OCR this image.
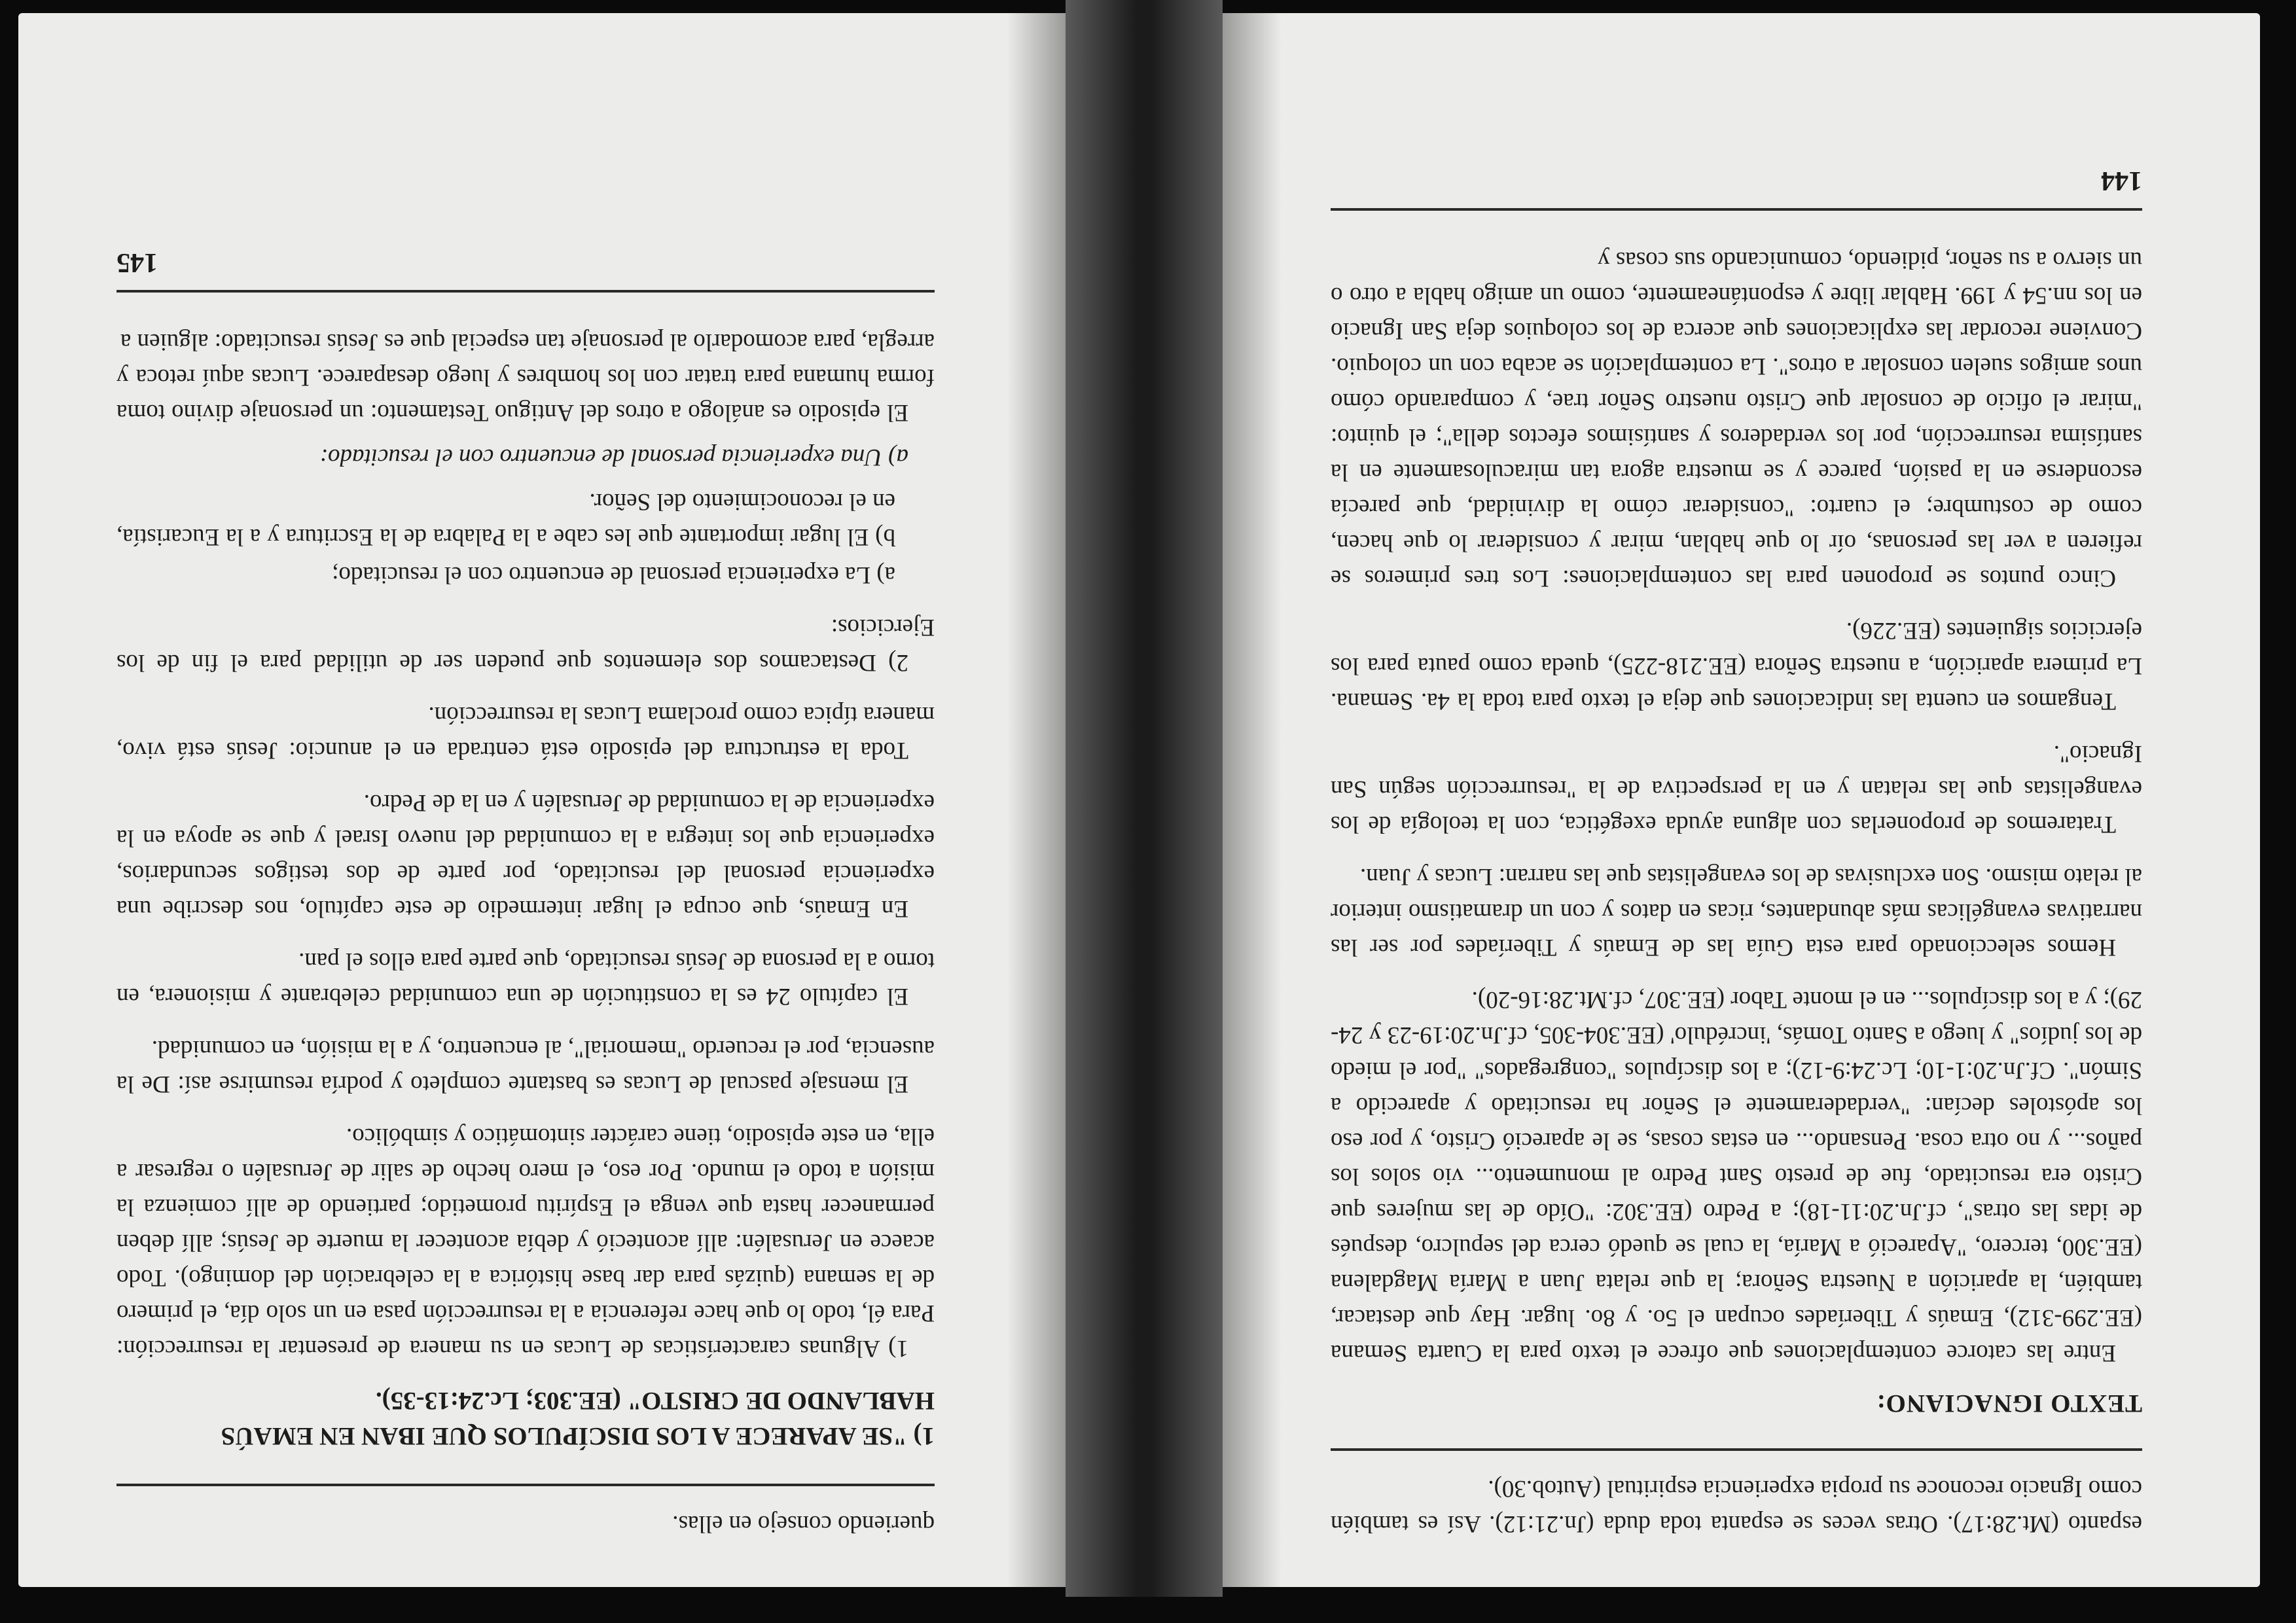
espanto (Mt.28:17). Otras veces se espanta toda duda (Jn.21:12). Así es también como Ignacio reconoce su propia experiencia espiritual (Autob.30).

TEXTO IGNACIANO:

Entre las catorce contemplaciones que ofrece el texto para la Cuarta Semana (EE.299-312), Emaús y Tiberíades ocupan el 5o. y 8o. lugar. Hay que destacar, también, la aparición a Nuestra Señora; la que relata Juan a María Magdalena (EE.300, tercero, "Apareció a María, la cual se quedó cerca del sepulcro, después de idas las otras", cf.Jn.20:11-18); a Pedro (EE.302: "Oído de las mujeres que Cristo era resucitado, fue de presto Sant Pedro al monumento... vio solos los paños... y no otra cosa. Pensando... en estas cosas, se le apareció Cristo, y por eso los apóstoles decían: "verdaderamente el Señor ha resucitado y aparecido a Simón". Cf.Jn.20:1-10; Lc.24:9-12); a los discípulos "congregados" "por el miedo de los judíos" y luego a Santo Tomás, 'incrédulo' (EE.304-305, cf.Jn.20:19-23 y 24-29); y a los discípulos... en el monte Tabor (EE.307, cf.Mt.28:16-20).

Hemos seleccionado para esta Guía las de Emaús y Tiberíades por ser las narrativas evangélicas más abundantes, ricas en datos y con un dramatismo interior al relato mismo. Son exclusivas de los evangelistas que las narran: Lucas y Juan.

Trataremos de proponerlas con alguna ayuda exegética, con la teología de los evangelistas que las relatan y en la perspectiva de la "resurrección según San Ignacio".

Tengamos en cuenta las indicaciones que deja el texto para toda la 4a. Semana. La primera aparición, a nuestra Señora (EE.218-225), queda como pauta para los ejercicios siguientes (EE.226).

Cinco puntos se proponen para las contemplaciones: Los tres primeros se refieren a ver las personas, oír lo que hablan, mirar y considerar lo que hacen, como de costumbre; el cuarto: "considerar cómo la divinidad, que parecía esconderse en la pasión, parece y se muestra agora tan miraculosamente en la santísima resurrección, por los verdaderos y santísimos efectos della"; el quinto: "mirar el oficio de consolar que Cristo nuestro Señor trae, y comparando cómo unos amigos suelen consolar a otros". La contemplación se acaba con un coloquio. Conviene recordar las explicaciones que acerca de los coloquios deja San Ignacio en los nn.54 y 199. Hablar libre y espontáneamente, como un amigo habla a otro o un siervo a su señor, pidiendo, comunicando sus cosas y

144

queriendo consejo en ellas.

1) "SE APARECE A LOS DISCÍPULOS QUE IBAN EN EMAÚS HABLANDO DE CRISTO" (EE.303; Lc.24:13-35).

1) Algunas características de Lucas en su manera de presentar la resurrección: Para él, todo lo que hace referencia a la resurrección pasa en un solo día, el primero de la semana (quizás para dar base histórica a la celebración del domingo). Todo acaece en Jerusalén: allí aconteció y debía acontecer la muerte de Jesús; allí deben permanecer hasta que venga el Espíritu prometido; partiendo de allí comienza la misión a todo el mundo. Por eso, el mero hecho de salir de Jerusalén o regresar a ella, en este episodio, tiene carácter sintomático y simbólico.

El mensaje pascual de Lucas es bastante completo y podría resumirse así: De la ausencia, por el recuerdo "memorial", al encuentro, y a la misión, en comunidad.

El capítulo 24 es la constitución de una comunidad celebrante y misionera, en torno a la persona de Jesús resucitado, que parte para ellos el pan.

En Emaús, que ocupa el lugar intermedio de este capítulo, nos describe una experiencia personal del resucitado, por parte de dos testigos secundarios, experiencia que los integra a la comunidad del nuevo Israel y que se apoya en la experiencia de la comunidad de Jerusalén y en la de Pedro.

Toda la estructura del episodio está centrada en el anuncio: Jesús está vivo, manera típica como proclama Lucas la resurrección.

2) Destacamos dos elementos que pueden ser de utilidad para el fin de los Ejercicios:

a) La experiencia personal de encuentro con el resucitado;

b) El lugar importante que les cabe a la Palabra de la Escritura y a la Eucaristía, en el reconocimiento del Señor.

a) Una experiencia personal de encuentro con el resucitado:

El episodio es análogo a otros del Antiguo Testamento: un personaje divino toma forma humana para tratar con los hombres y luego desaparece. Lucas aquí retoca y arregla, para acomodarlo al personaje tan especial que es Jesús resucitado: alguien a

145
